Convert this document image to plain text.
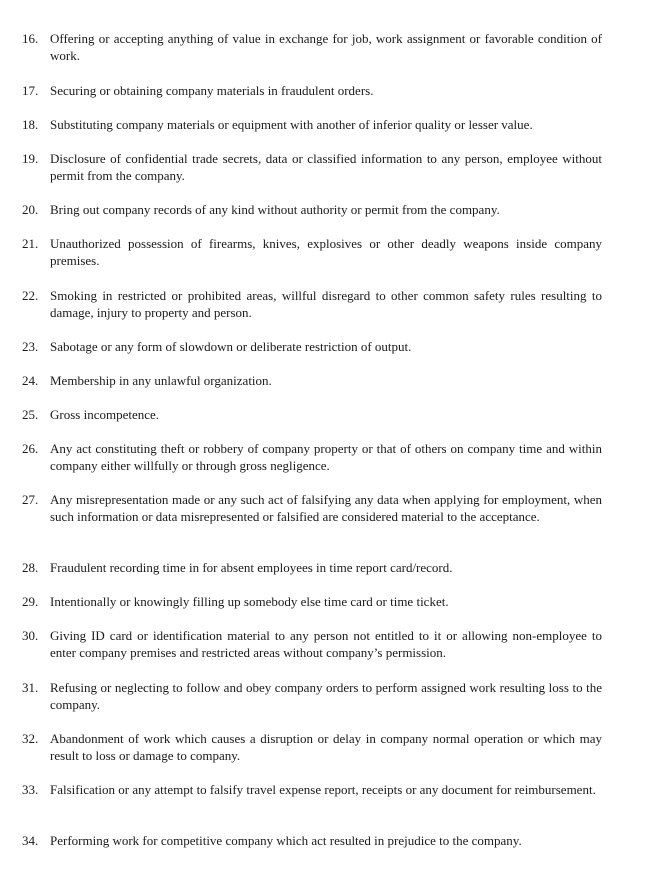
16. Offering or accepting anything of value in exchange for job, work assignment or favorable condition of work.
17. Securing or obtaining company materials in fraudulent orders.
18. Substituting company materials or equipment with another of inferior quality or lesser value.
19. Disclosure of confidential trade secrets, data or classified information to any person, employee without permit from the company.
20. Bring out company records of any kind without authority or permit from the company.
21. Unauthorized possession of firearms, knives, explosives or other deadly weapons inside company premises.
22. Smoking in restricted or prohibited areas, willful disregard to other common safety rules resulting to damage, injury to property and person.
23. Sabotage or any form of slowdown or deliberate restriction of output.
24. Membership in any unlawful organization.
25. Gross incompetence.
26. Any act constituting theft or robbery of company property or that of others on company time and within company either willfully or through gross negligence.
27. Any misrepresentation made or any such act of falsifying any data when applying for employment, when such information or data misrepresented or falsified are considered material to the acceptance.
28. Fraudulent recording time in for absent employees in time report card/record.
29. Intentionally or knowingly filling up somebody else time card or time ticket.
30. Giving ID card or identification material to any person not entitled to it or allowing non-employee to enter company premises and restricted areas without company’s permission.
31. Refusing or neglecting to follow and obey company orders to perform assigned work resulting loss to the company.
32. Abandonment of work which causes a disruption or delay in company normal operation or which may result to loss or damage to company.
33. Falsification or any attempt to falsify travel expense report, receipts or any document for reimbursement.
34. Performing work for competitive company which act resulted in prejudice to the company.
